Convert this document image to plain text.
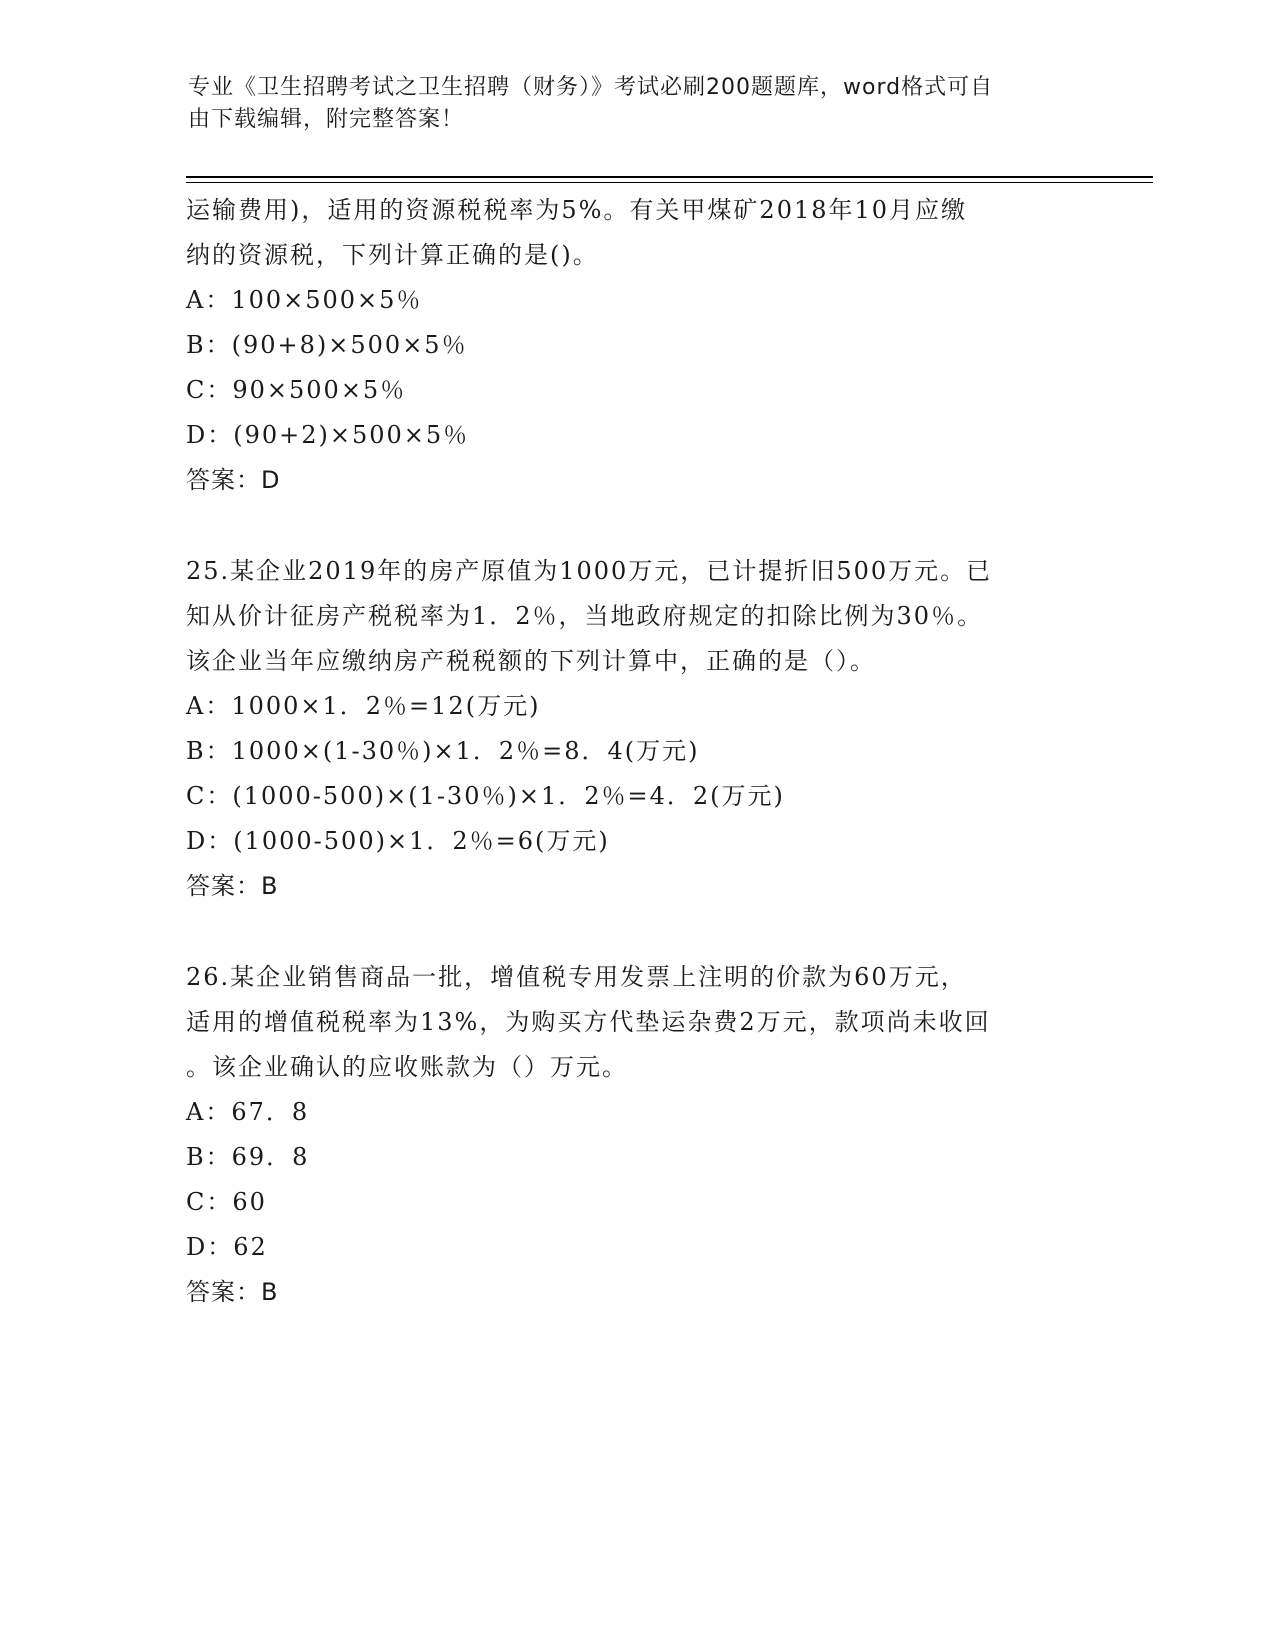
专业《卫生招聘考试之卫生招聘（财务）》考试必刷200题题库，word格式可自
由下载编辑，附完整答案！
运输费用)，适用的资源税税率为5%。有关甲煤矿2018年10月应缴
纳的资源税，下列计算正确的是()。
A：100×500×5％
B：(90+8)×500×5％
C：90×500×5％
D：(90+2)×500×5％
答案：D
25.某企业2019年的房产原值为1000万元，已计提折旧500万元。已
知从价计征房产税税率为1．2％，当地政府规定的扣除比例为30％。
该企业当年应缴纳房产税税额的下列计算中，正确的是（）。
A：1000×1．2％=12(万元)
B：1000×(1-30％)×1．2％=8．4(万元)
C：(1000-500)×(1-30％)×1．2％=4．2(万元)
D：(1000-500)×1．2％=6(万元)
答案：B
26.某企业销售商品一批，增值税专用发票上注明的价款为60万元，
适用的增值税税率为13%，为购买方代垫运杂费2万元，款项尚未收回
。该企业确认的应收账款为（）万元。
A：67．8
B：69．8
C：60
D：62
答案：B
